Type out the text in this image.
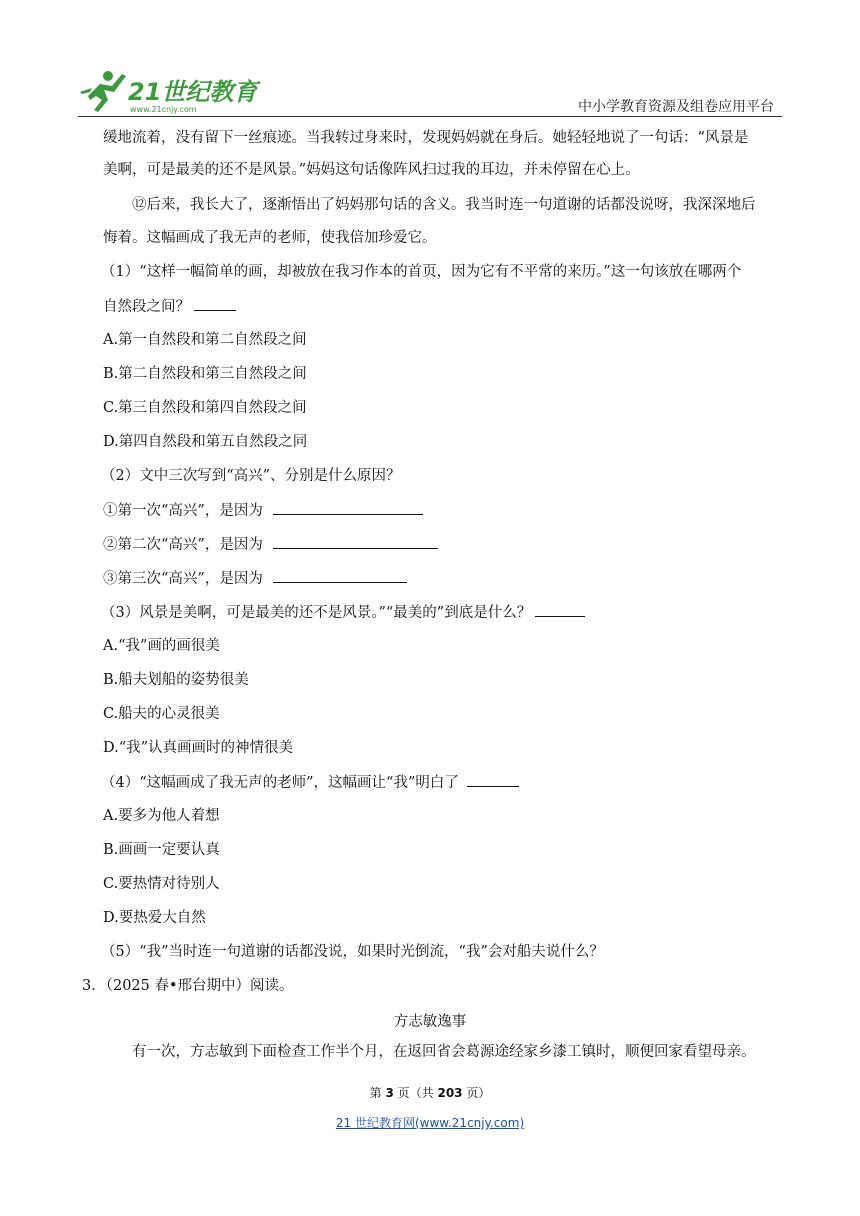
21世纪教育
www.21cnjy.com	中小学教育资源及组卷应用平台
缓地流着，没有留下一丝痕迹。当我转过身来时，发现妈妈就在身后。她轻轻地说了一句话：“风景是
美啊，可是最美的还不是风景。”妈妈这句话像阵风扫过我的耳边，并未停留在心上。
⑫后来，我长大了，逐渐悟出了妈妈那句话的含义。我当时连一句道谢的话都没说呀，我深深地后
悔着。这幅画成了我无声的老师，使我倍加珍爱它。
（1）“这样一幅简单的画，却被放在我习作本的首页，因为它有不平常的来历。”这一句该放在哪两个
自然段之间？
A.第一自然段和第二自然段之间
B.第二自然段和第三自然段之间
C.第三自然段和第四自然段之间
D.第四自然段和第五自然段之同
（2）文中三次写到“高兴”、分别是什么原因？
①第一次“高兴”，是因为
②第二次“高兴”，是因为
③第三次“高兴”，是因为
（3）风景是美啊，可是最美的还不是风景。”“最美的”到底是什么？
A.“我”画的画很美
B.船夫划船的姿势很美
C.船夫的心灵很美
D.“我”认真画画时的神情很美
（4）“这幅画成了我无声的老师”，这幅画让“我”明白了
A.要多为他人着想
B.画画一定要认真
C.要热情对待别人
D.要热爱大自然
（5）“我”当时连一句道谢的话都没说，如果时光倒流，“我”会对船夫说什么？
3．（2025 春•邢台期中）阅读。
方志敏逸事
有一次，方志敏到下面检查工作半个月，在返回省会葛源途经家乡漆工镇时，顺便回家看望母亲。
第 3 页（共 203 页）
21 世纪教育网(www.21cnjy.com)
